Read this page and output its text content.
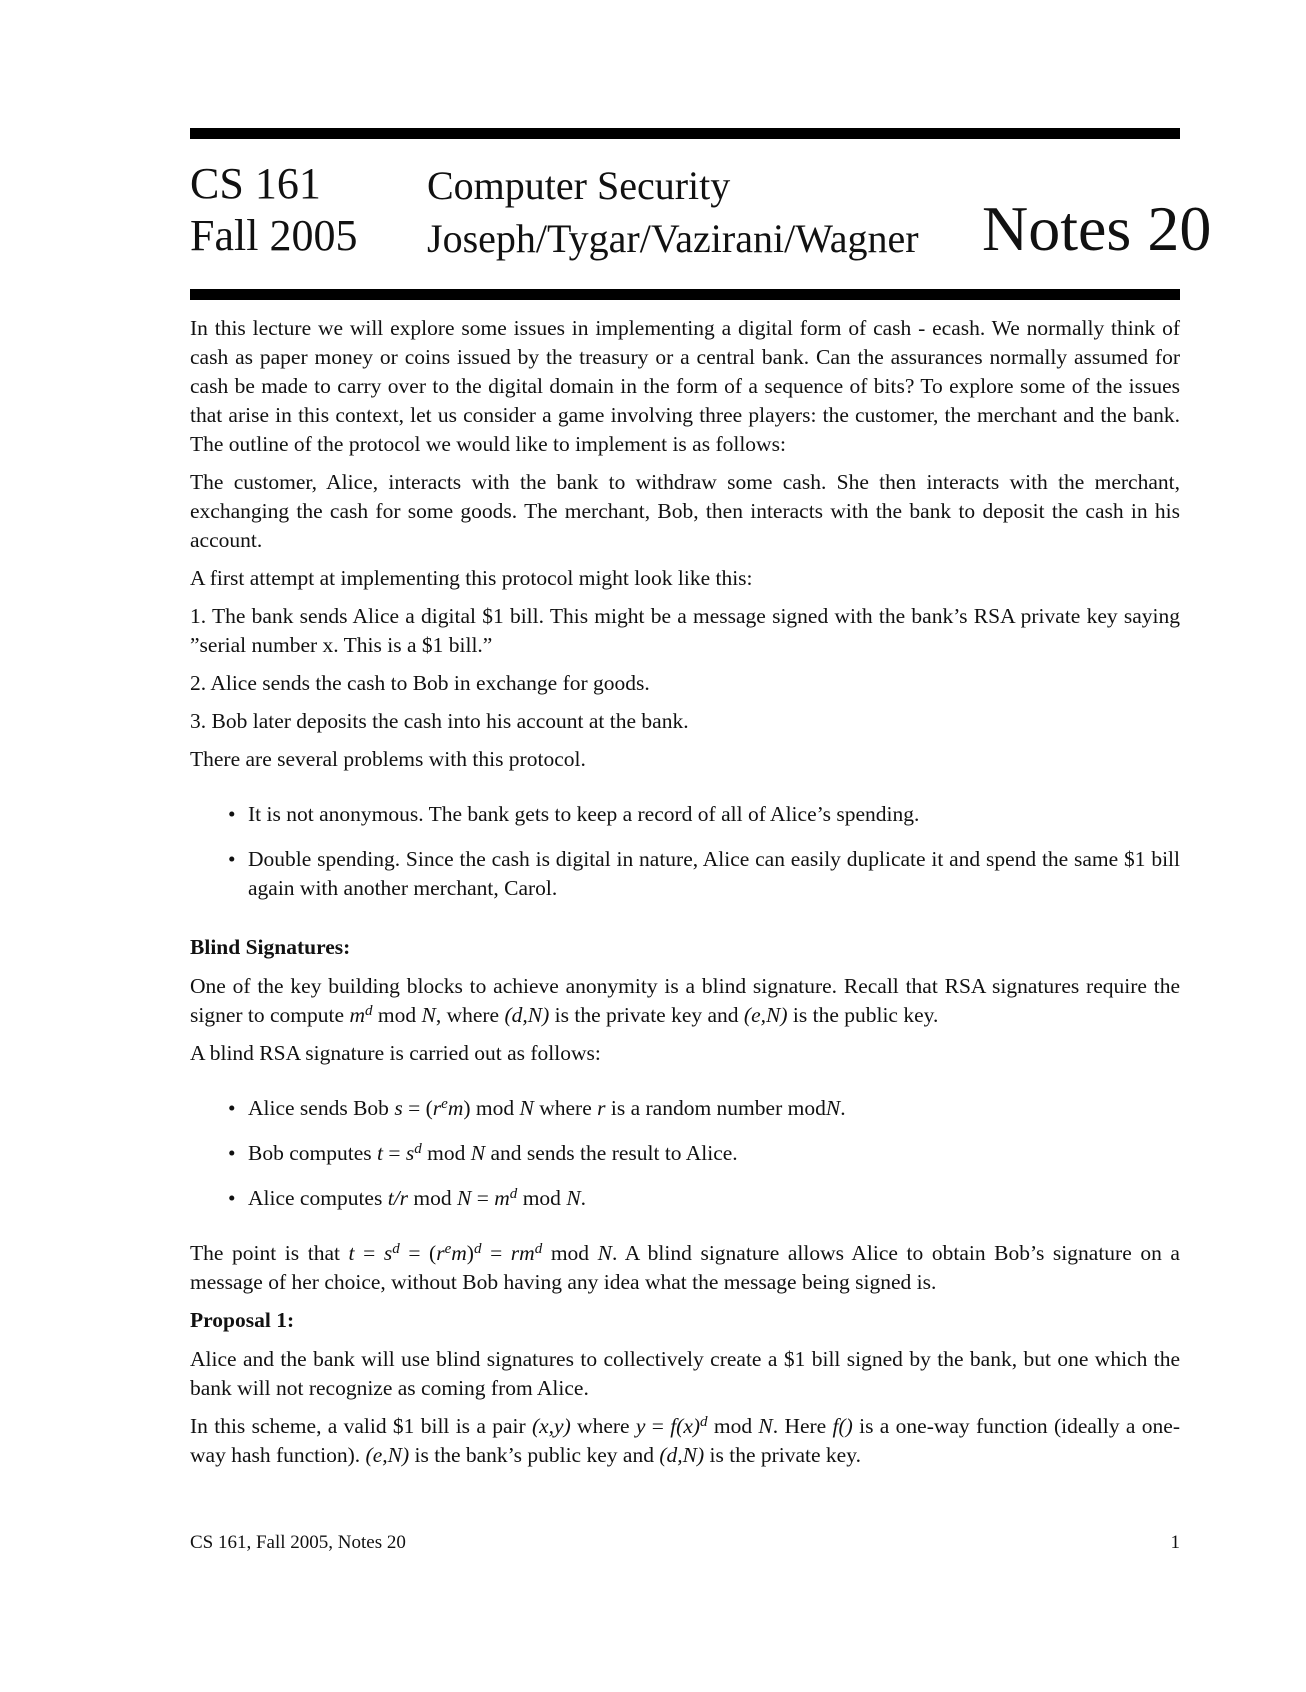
CS 161
Fall 2005
Computer Security
Joseph/Tygar/Vazirani/Wagner Notes 20

In this lecture we will explore some issues in implementing a digital form of cash - ecash. We normally think of cash as paper money or coins issued by the treasury or a central bank. Can the assurances normally assumed for cash be made to carry over to the digital domain in the form of a sequence of bits? To explore some of the issues that arise in this context, let us consider a game involving three players: the customer, the merchant and the bank. The outline of the protocol we would like to implement is as follows:

The customer, Alice, interacts with the bank to withdraw some cash. She then interacts with the merchant, exchanging the cash for some goods. The merchant, Bob, then interacts with the bank to deposit the cash in his account.

A first attempt at implementing this protocol might look like this:

1. The bank sends Alice a digital $1 bill. This might be a message signed with the bank’s RSA private key saying ”serial number x. This is a $1 bill.”

2. Alice sends the cash to Bob in exchange for goods.

3. Bob later deposits the cash into his account at the bank.

There are several problems with this protocol.

• It is not anonymous. The bank gets to keep a record of all of Alice’s spending.
• Double spending. Since the cash is digital in nature, Alice can easily duplicate it and spend the same $1 bill again with another merchant, Carol.
Blind Signatures:

One of the key building blocks to achieve anonymity is a blind signature. Recall that RSA signatures require the signer to compute $m^d$ mod N, where (d,N) is the private key and (e,N) is the public key.

A blind RSA signature is carried out as follows:

• Alice sends Bob $s = (r^em)$ mod N where r is a random number modN.
• Bob computes $t = s^d$ mod N and sends the result to Alice.
• Alice computes t/r mod $N = m^d$ mod N.

The point is that $t = s^d = (r^em)^d = rm^d$ mod N. A blind signature allows Alice to obtain Bob’s signature on a message of her choice, without Bob having any idea what the message being signed is.

Proposal 1:

Alice and the bank will use blind signatures to collectively create a $1 bill signed by the bank, but one which the bank will not recognize as coming from Alice.

In this scheme, a valid $1 bill is a pair (x,y) where $y = f(x)^d$ mod N. Here f() is a one-way function (ideally a one-way hash function). (e,N) is the bank’s public key and (d,N) is the private key.

CS 161, Fall 2005, Notes 20	1
